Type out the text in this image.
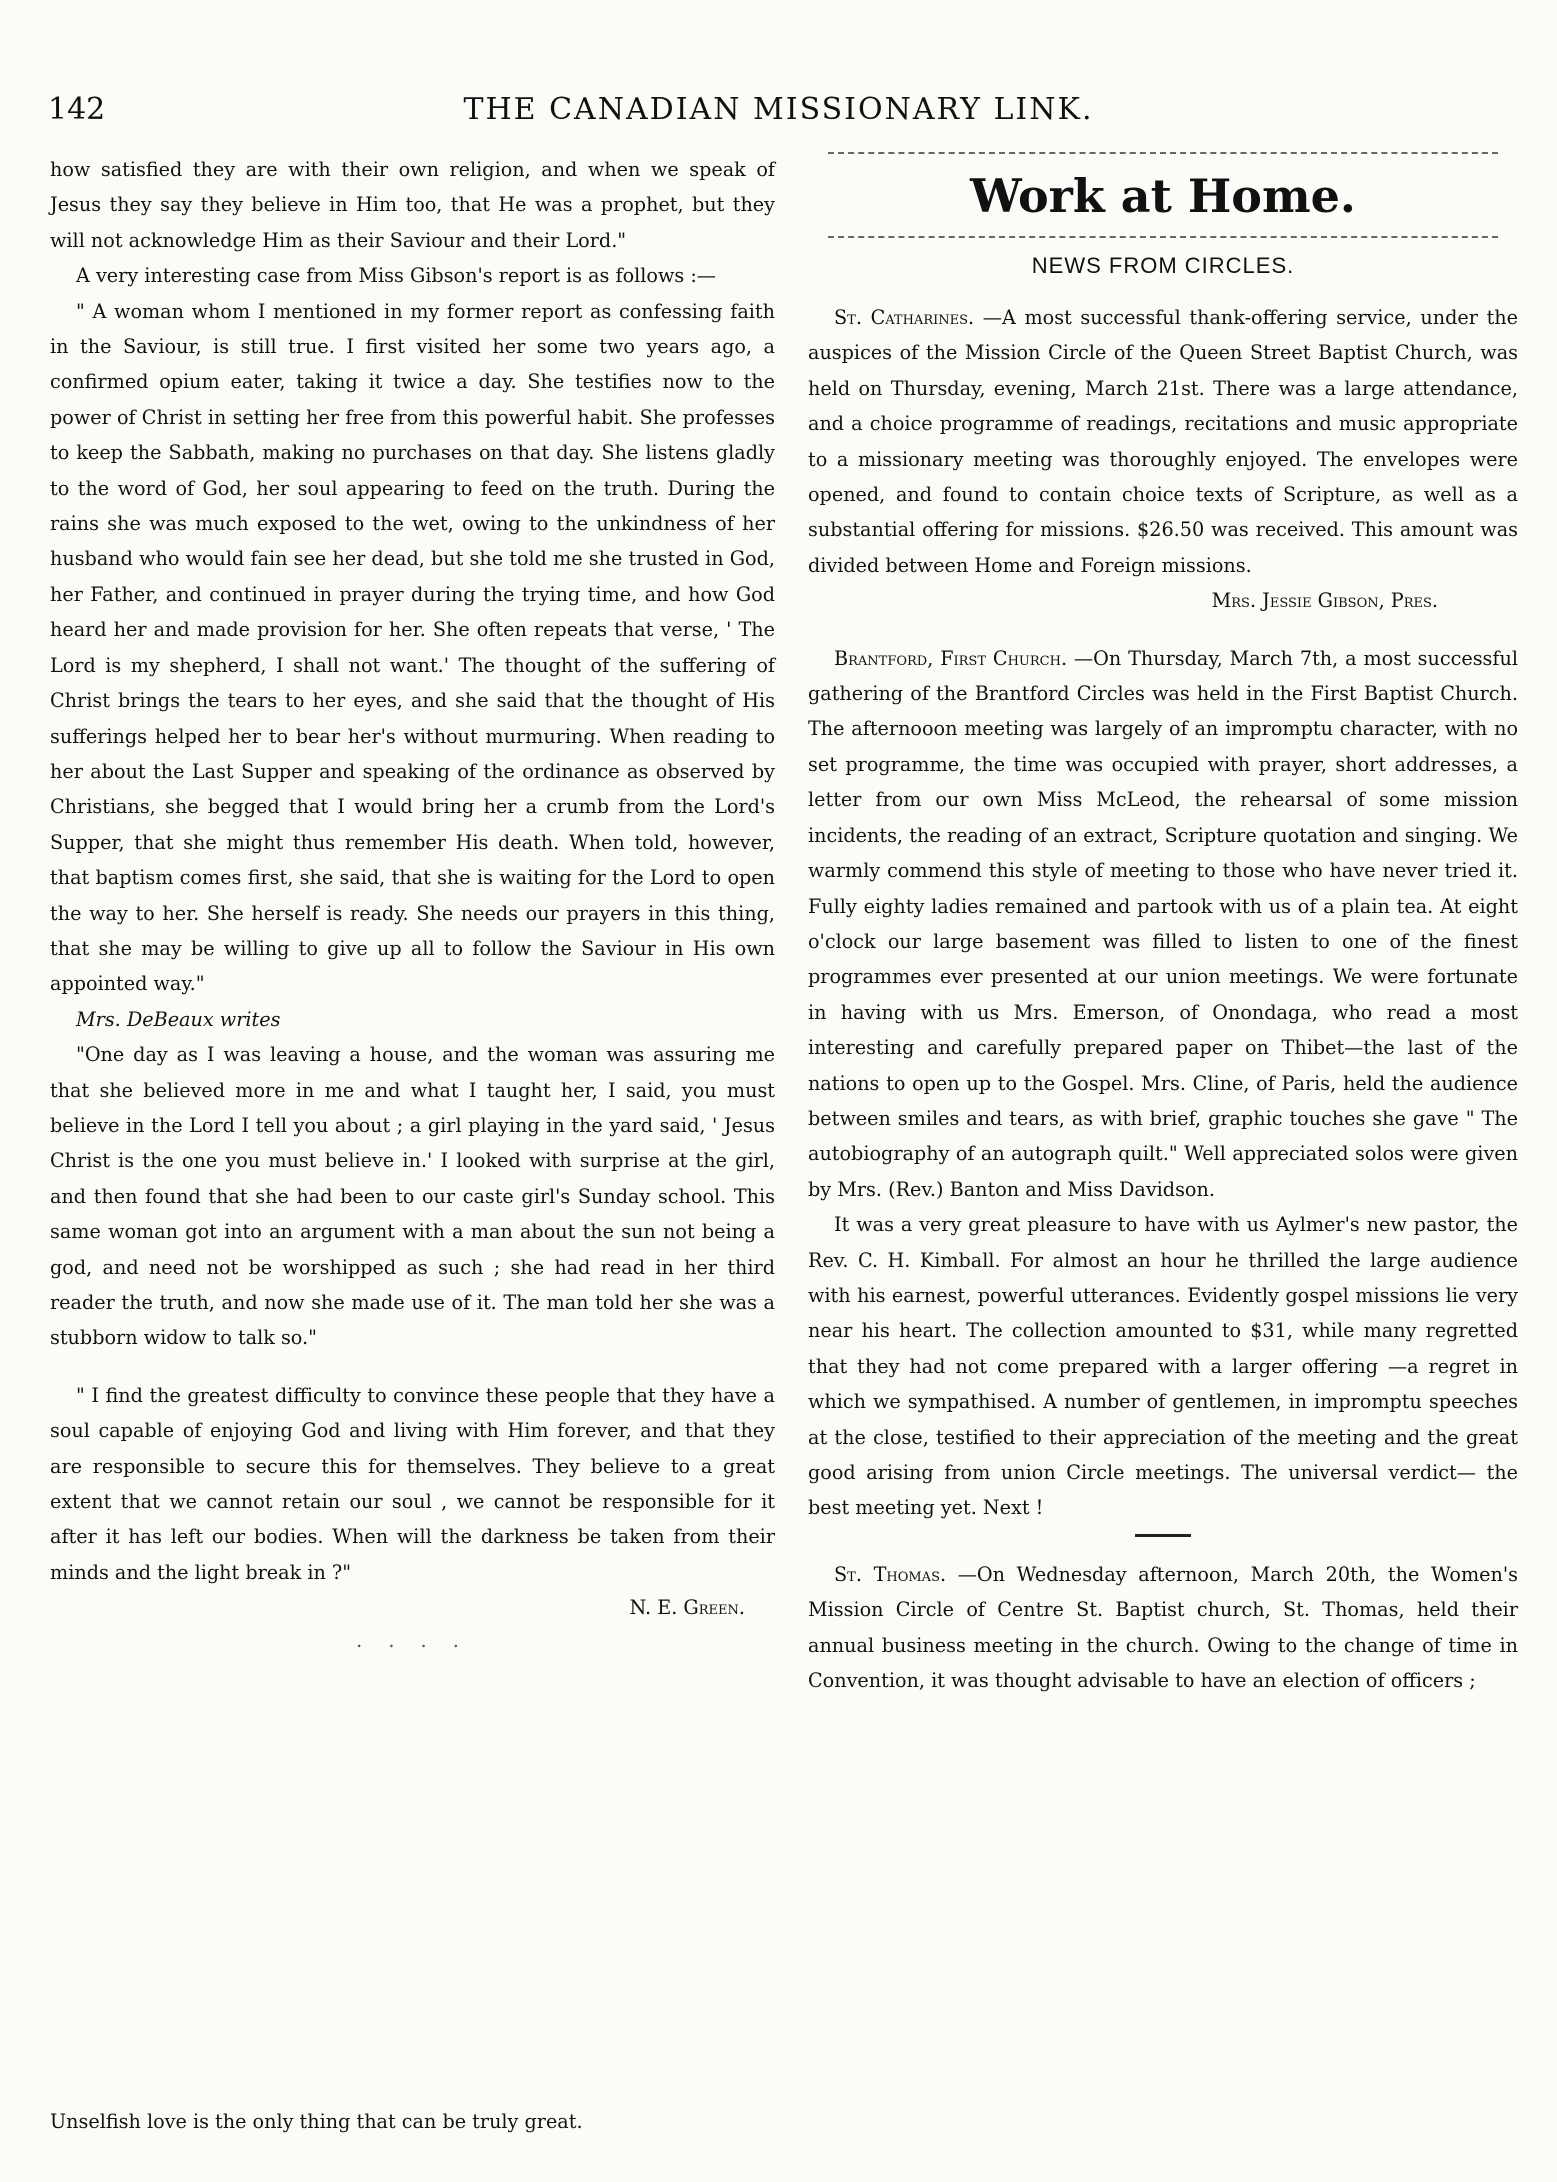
142	THE CANADIAN MISSIONARY LINK.

how satisfied they are with their own religion, and when we speak of Jesus they say they believe in Him too, that He was a prophet, but they will not acknowledge Him as their Saviour and their Lord."

A very interesting case from Miss Gibson's report is as follows :—

" A woman whom I mentioned in my former report as confessing faith in the Saviour, is still true. I first visited her some two years ago, a confirmed opium eater, taking it twice a day. She testifies now to the power of Christ in setting her free from this powerful habit. She professes to keep the Sabbath, making no purchases on that day. She listens gladly to the word of God, her soul appearing to feed on the truth. During the rains she was much exposed to the wet, owing to the unkindness of her husband who would fain see her dead, but she told me she trusted in God, her Father, and continued in prayer during the trying time, and how God heard her and made provision for her. She often repeats that verse, ' The Lord is my shepherd, I shall not want.' The thought of the suffering of Christ brings the tears to her eyes, and she said that the thought of His sufferings helped her to bear her's without murmuring. When reading to her about the Last Supper and speaking of the ordinance as observed by Christians, she begged that I would bring her a crumb from the Lord's Supper, that she might thus remember His death. When told, however, that baptism comes first, she said, that she is waiting for the Lord to open the way to her. She herself is ready. She needs our prayers in this thing, that she may be willing to give up all to follow the Saviour in His own appointed way."

Mrs. DeBeaux writes

"One day as I was leaving a house, and the woman was assuring me that she believed more in me and what I taught her, I said, you must believe in the Lord I tell you about ; a girl playing in the yard said, ' Jesus Christ is the one you must believe in.' I looked with surprise at the girl, and then found that she had been to our caste girl's Sunday school. This same woman got into an argument with a man about the sun not being a god, and need not be worshipped as such ; she had read in her third reader the truth, and now she made use of it. The man told her she was a stubborn widow to talk so."

" I find the greatest difficulty to convince these people that they have a soul capable of enjoying God and living with Him forever, and that they are responsible to secure this for themselves. They believe to a great extent that we cannot retain our soul , we cannot be responsible for it after it has left our bodies. When will the darkness be taken from their minds and the light break in ?"

N. E. Green.

. . . .
Unselfish love is the only thing that can be truly great.
Work at Home.
NEWS FROM CIRCLES.

St. Catharines. —A most successful thank-offering service, under the auspices of the Mission Circle of the Queen Street Baptist Church, was held on Thursday, evening, March 21st. There was a large attendance, and a choice programme of readings, recitations and music appropriate to a missionary meeting was thoroughly enjoyed. The envelopes were opened, and found to contain choice texts of Scripture, as well as a substantial offering for missions. $26.50 was received. This amount was divided between Home and Foreign missions.

Mrs. Jessie Gibson, Pres.

Brantford, First Church. —On Thursday, March 7th, a most successful gathering of the Brantford Circles was held in the First Baptist Church. The afternooon meeting was largely of an impromptu character, with no set programme, the time was occupied with prayer, short addresses, a letter from our own Miss McLeod, the rehearsal of some mission incidents, the reading of an extract, Scripture quotation and singing. We warmly commend this style of meeting to those who have never tried it. Fully eighty ladies remained and partook with us of a plain tea. At eight o'clock our large basement was filled to listen to one of the finest programmes ever presented at our union meetings. We were fortunate in having with us Mrs. Emerson, of Onondaga, who read a most interesting and carefully prepared paper on Thibet—the last of the nations to open up to the Gospel. Mrs. Cline, of Paris, held the audience between smiles and tears, as with brief, graphic touches she gave " The autobiography of an autograph quilt." Well appreciated solos were given by Mrs. (Rev.) Banton and Miss Davidson.

It was a very great pleasure to have with us Aylmer's new pastor, the Rev. C. H. Kimball. For almost an hour he thrilled the large audience with his earnest, powerful utterances. Evidently gospel missions lie very near his heart. The collection amounted to $31, while many regretted that they had not come prepared with a larger offering —a regret in which we sympathised. A number of gentlemen, in impromptu speeches at the close, testified to their appreciation of the meeting and the great good arising from union Circle meetings. The universal verdict— the best meeting yet. Next !

St. Thomas. —On Wednesday afternoon, March 20th, the Women's Mission Circle of Centre St. Baptist church, St. Thomas, held their annual business meeting in the church. Owing to the change of time in Convention, it was thought advisable to have an election of officers ;
